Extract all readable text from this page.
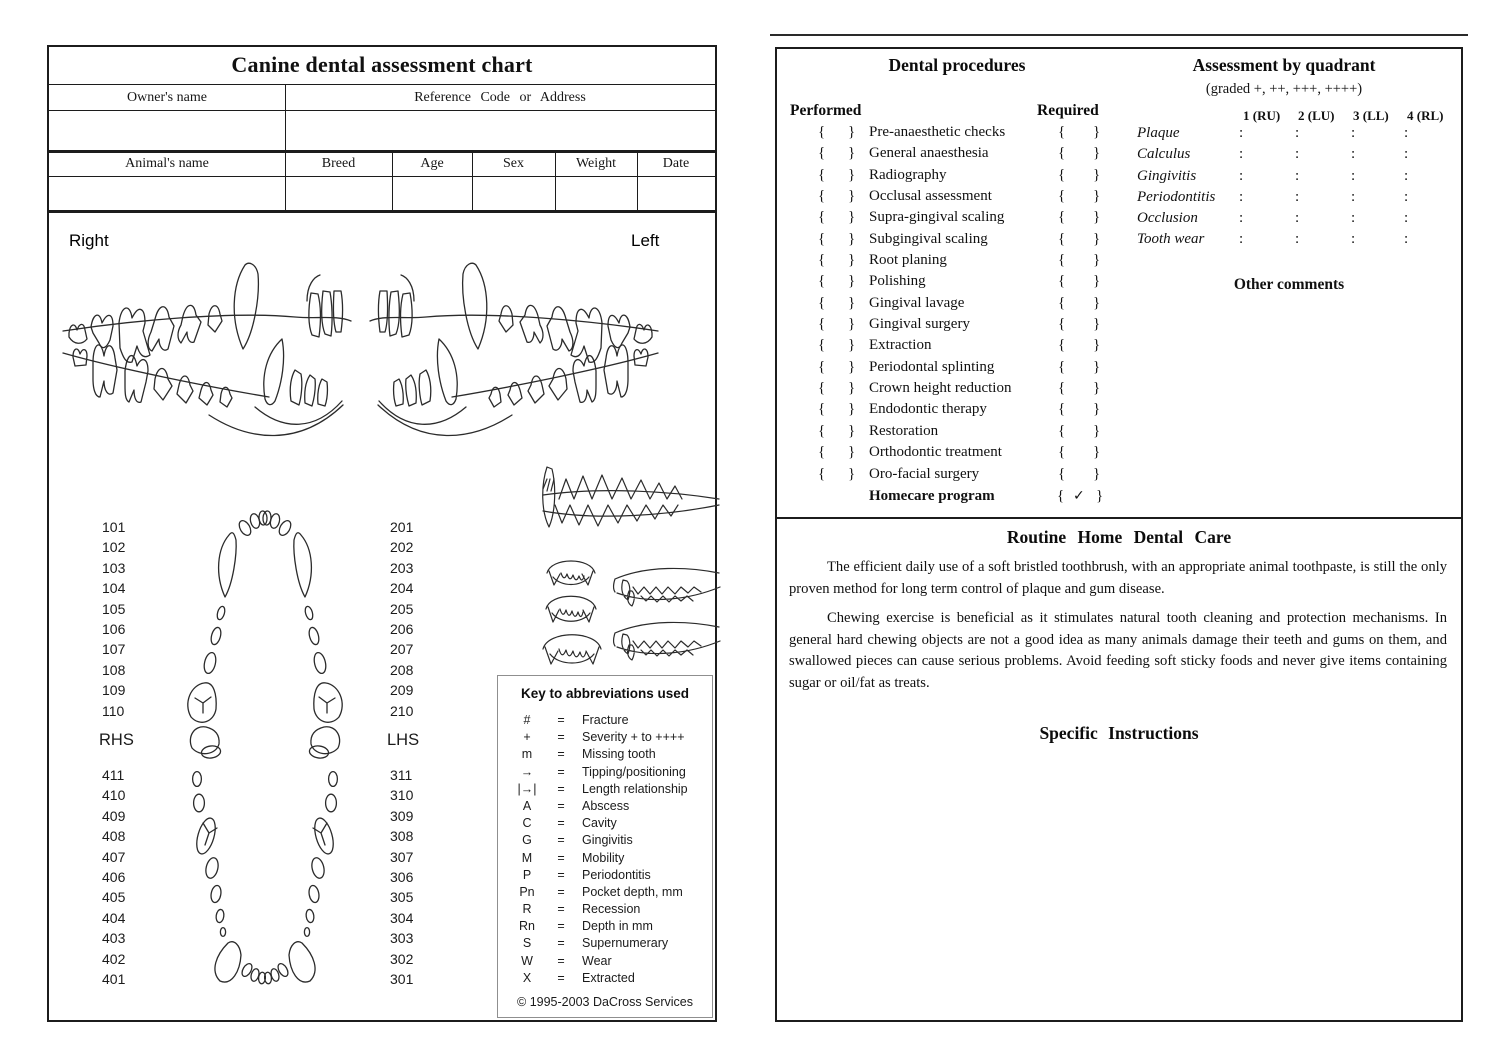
Canine dental assessment chart
Owner's name	Reference Code or Address
Animal's name	Breed	Age	Sex	Weight	Date
Right	Left
101
102
103
104
105
106
107
108
109
110
201
202
203
204
205
206
207
208
209
210
RHS	LHS
411
410
409
408
407
406
405
404
403
402
401
311
310
309
308
307
306
305
304
303
302
301
Key to abbreviations used
#	= Fracture
+	= Severity + to ++++
m	= Missing tooth
→	= Tipping/positioning
|→|	= Length relationship
A	= Abscess
C	= Cavity
G	= Gingivitis
M	= Mobility
P	= Periodontitis
Pn	= Pocket depth, mm
R	= Recession
Rn	= Depth in mm
S	= Supernumerary
W	= Wear
X	= Extracted
© 1995-2003 DaCross Services
Dental procedures	Assessment by quadrant
(graded +, ++, +++, ++++)
Performed	Required
{ } Pre-anaesthetic checks	{ }
{ } General anaesthesia	{ }
{ } Radiography	{ }
{ } Occlusal assessment	{ }
{ } Supra-gingival scaling	{ }
{ } Subgingival scaling	{ }
{ } Root planing	{ }
{ } Polishing	{ }
{ } Gingival lavage	{ }
{ } Gingival surgery	{ }
{ } Extraction	{ }
{ } Periodontal splinting	{ }
{ } Crown height reduction	{ }
{ } Endodontic therapy	{ }
{ } Restoration	{ }
{ } Orthodontic treatment	{ }
{ } Oro-facial surgery	{ }
Homecare program	{ ✓ }
1 (RU) 2 (LU) 3 (LL) 4 (RL)
Plaque	:	:	:	:
Calculus	:	:	:	:
Gingivitis	:	:	:	:
Periodontitis :	:	:	:
Occlusion	:	:	:	:
Tooth wear :	:	:	:
Other comments
Routine Home Dental Care
The efficient daily use of a soft bristled toothbrush, with an appropriate animal toothpaste, is still the only proven method for long term control of plaque and gum disease.
Chewing exercise is beneficial as it stimulates natural tooth cleaning and protection mechanisms. In general hard chewing objects are not a good idea as many animals damage their teeth and gums on them, and swallowed pieces can cause serious problems. Avoid feeding soft sticky foods and never give items containing sugar or oil/fat as treats.
Specific Instructions
